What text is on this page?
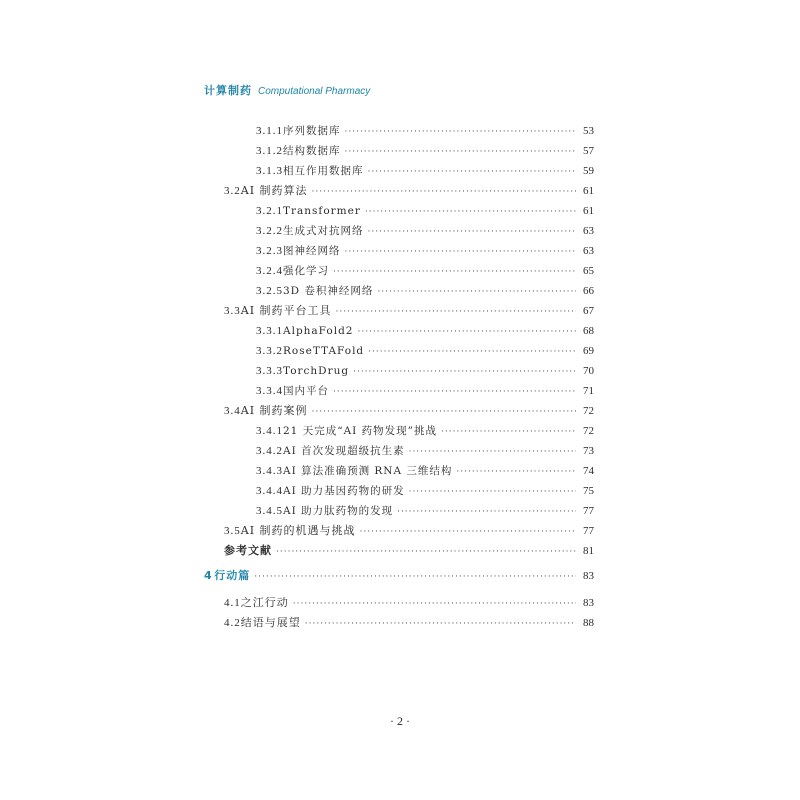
计算制药 Computational Pharmacy
3.1.1 序列数据库 ·····	53
3.1.2 结构数据库 ·····	57
3.1.3 相互作用数据库 ·····	59
3.2 AI 制药算法 ·····	61
3.2.1 Transformer ·····	61
3.2.2 生成式对抗网络 ·····	63
3.2.3 图神经网络 ·····	63
3.2.4 强化学习 ·····	65
3.2.5 3D 卷积神经网络 ·····	66
3.3 AI 制药平台工具 ·····	67
3.3.1 AlphaFold2 ·····	68
3.3.2 RoseTTAFold ·····	69
3.3.3 TorchDrug ·····	70
3.3.4 国内平台 ·····	71
3.4 AI 制药案例 ·····	72
3.4.1 21 天完成“AI 药物发现”挑战 ·····	72
3.4.2 AI 首次发现超级抗生素 ·····	73
3.4.3 AI 算法准确预测 RNA 三维结构 ·····	74
3.4.4 AI 助力基因药物的研发 ·····	75
3.4.5 AI 助力肽药物的发现 ·····	77
3.5 AI 制药的机遇与挑战 ·····	77
参考文献 ·····	81
4 行动篇 ·····	83
4.1 之江行动 ·····	83
4.2 结语与展望 ·····	88
· 2 ·
